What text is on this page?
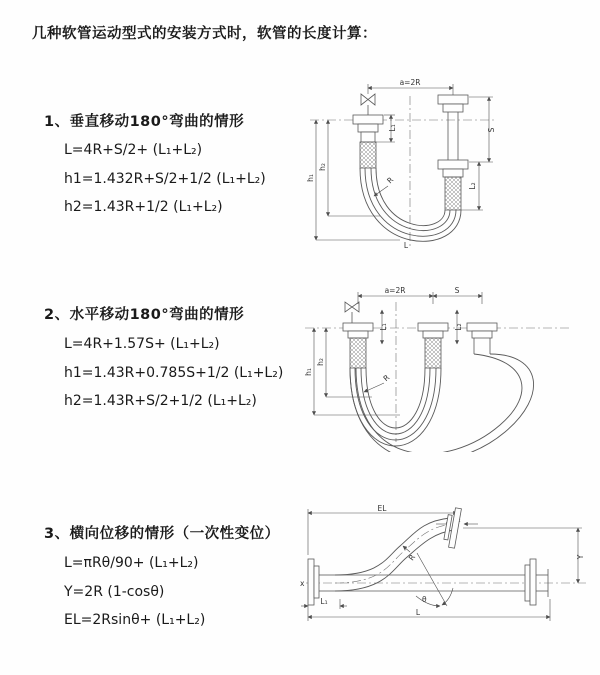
几种软管运动型式的安装方式时，软管的长度计算：
1、垂直移动180°弯曲的情形
L=4R+S/2+ (L₁+L₂)
h1=1.432R+S/2+1/2 (L₁+L₂)
h2=1.43R+1/2 (L₁+L₂)
2、水平移动180°弯曲的情形
L=4R+1.57S+ (L₁+L₂)
h1=1.43R+0.785S+1/2 (L₁+L₂)
h2=1.43R+S/2+1/2 (L₁+L₂)
3、横向位移的情形（一次性变位）
L=πRθ/90+ (L₁+L₂)
Y=2R (1-cosθ)
EL=2Rsinθ+ (L₁+L₂)
a=2R
L₁	S
L₂
h₁
h₂
R
L
a=2R	S
L₁	L₂
h₁
h₂
R
x
EL
Y
θ
R
L₁
L
